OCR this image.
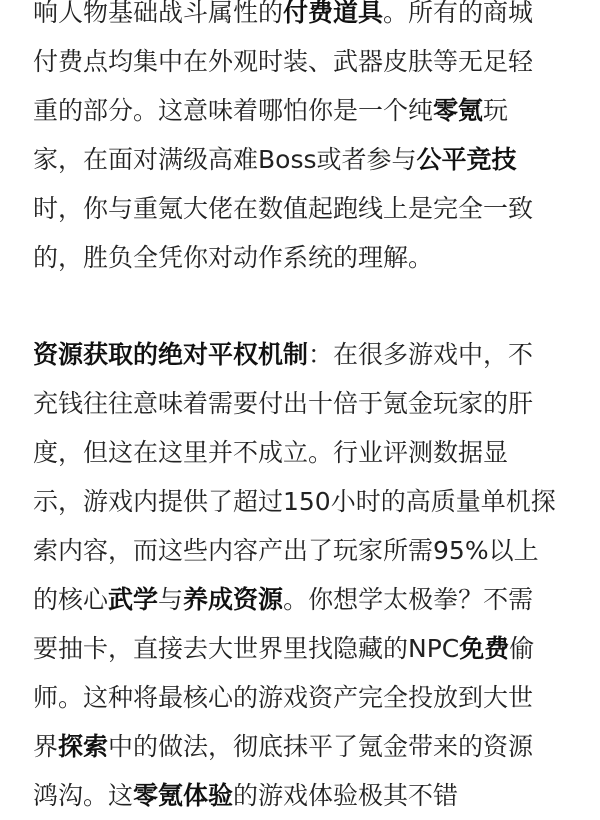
响人物基础战斗属性的付费道具。所有的商城
付费点均集中在外观时装、武器皮肤等无足轻
重的部分。这意味着哪怕你是一个纯零氪玩
家，在面对满级高难Boss或者参与公平竞技
时，你与重氪大佬在数值起跑线上是完全一致
的，胜负全凭你对动作系统的理解。
资源获取的绝对平权机制：在很多游戏中，不
充钱往往意味着需要付出十倍于氪金玩家的肝
度，但这在这里并不成立。行业评测数据显
示，游戏内提供了超过150小时的高质量单机探
索内容，而这些内容产出了玩家所需95%以上
的核心武学与养成资源。你想学太极拳？不需
要抽卡，直接去大世界里找隐藏的NPC免费偷
师。这种将最核心的游戏资产完全投放到大世
界探索中的做法，彻底抹平了氪金带来的资源
鸿沟。这零氪体验的游戏体验极其不错
